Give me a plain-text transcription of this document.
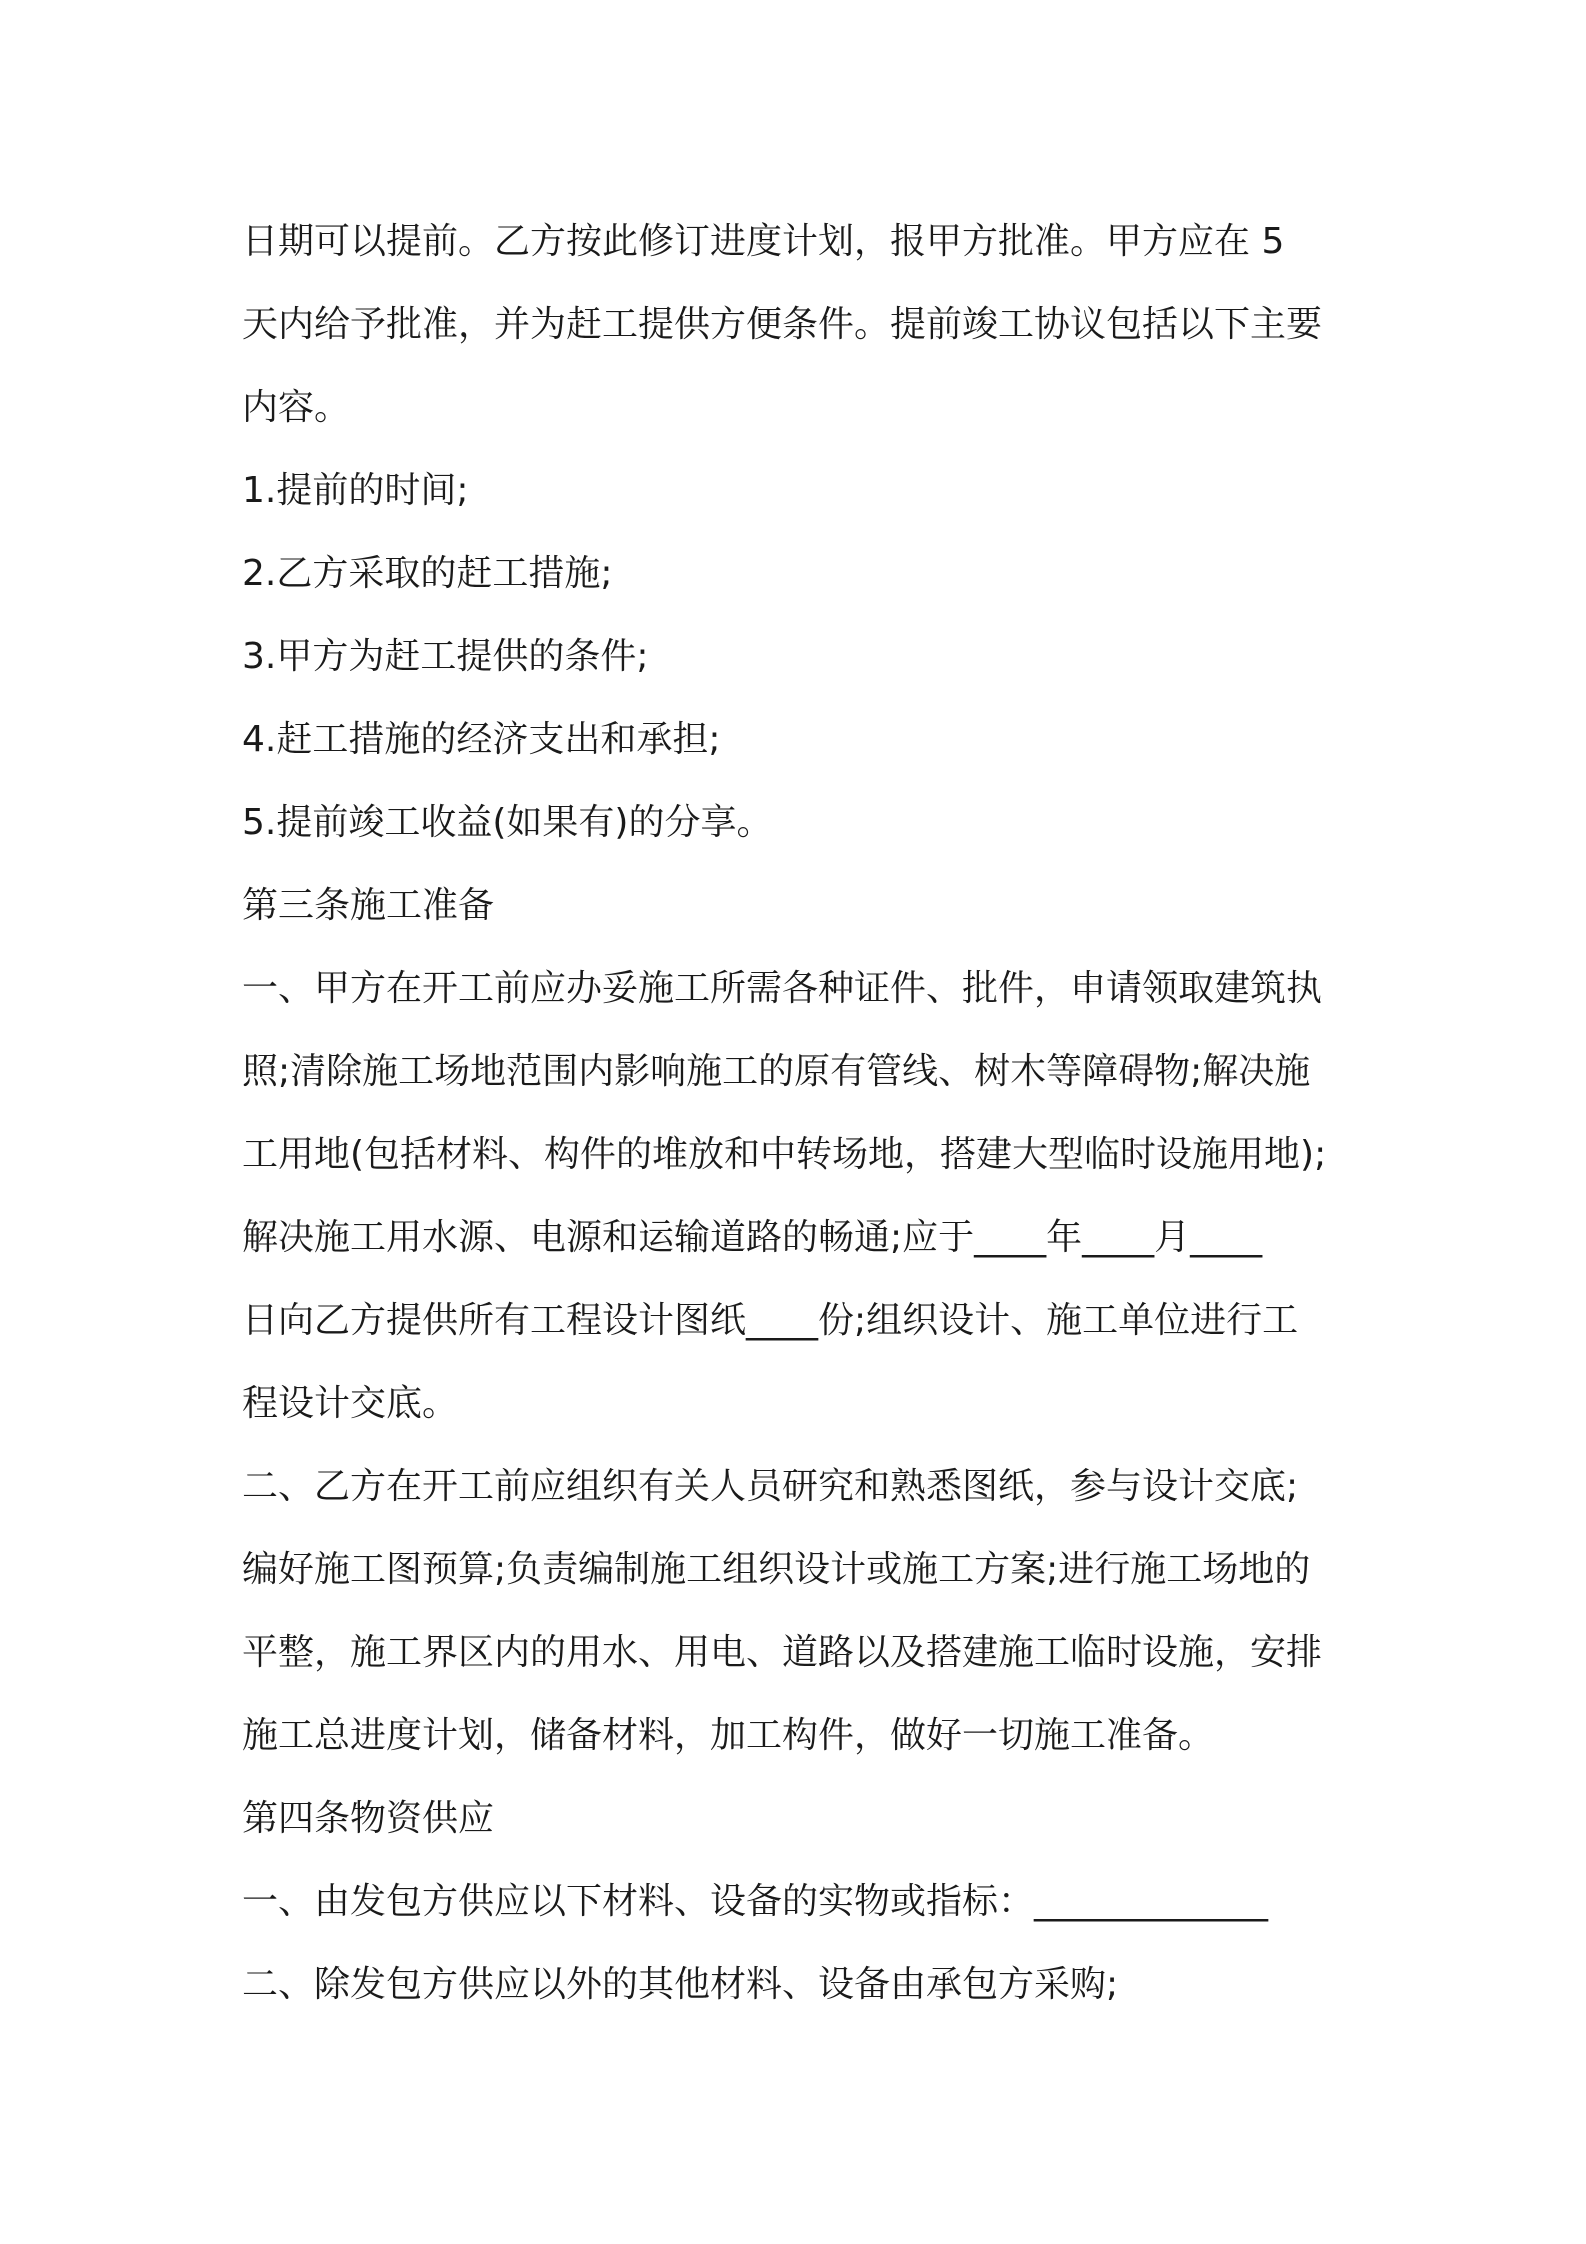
日期可以提前。乙方按此修订进度计划，报甲方批准。甲方应在 5

天内给予批准，并为赶工提供方便条件。提前竣工协议包括以下主要

内容。

1.提前的时间;

2.乙方采取的赶工措施;

3.甲方为赶工提供的条件;

4.赶工措施的经济支出和承担;

5.提前竣工收益(如果有)的分享。

第三条施工准备

一、甲方在开工前应办妥施工所需各种证件、批件，申请领取建筑执

照;清除施工场地范围内影响施工的原有管线、树木等障碍物;解决施

工用地(包括材料、构件的堆放和中转场地，搭建大型临时设施用地);

解决施工用水源、电源和运输道路的畅通;应于____年____月____

日向乙方提供所有工程设计图纸____份;组织设计、施工单位进行工

程设计交底。

二、乙方在开工前应组织有关人员研究和熟悉图纸，参与设计交底;

编好施工图预算;负责编制施工组织设计或施工方案;进行施工场地的

平整，施工界区内的用水、用电、道路以及搭建施工临时设施，安排

施工总进度计划，储备材料，加工构件，做好一切施工准备。

第四条物资供应

一、由发包方供应以下材料、设备的实物或指标：_____________

二、除发包方供应以外的其他材料、设备由承包方采购;
